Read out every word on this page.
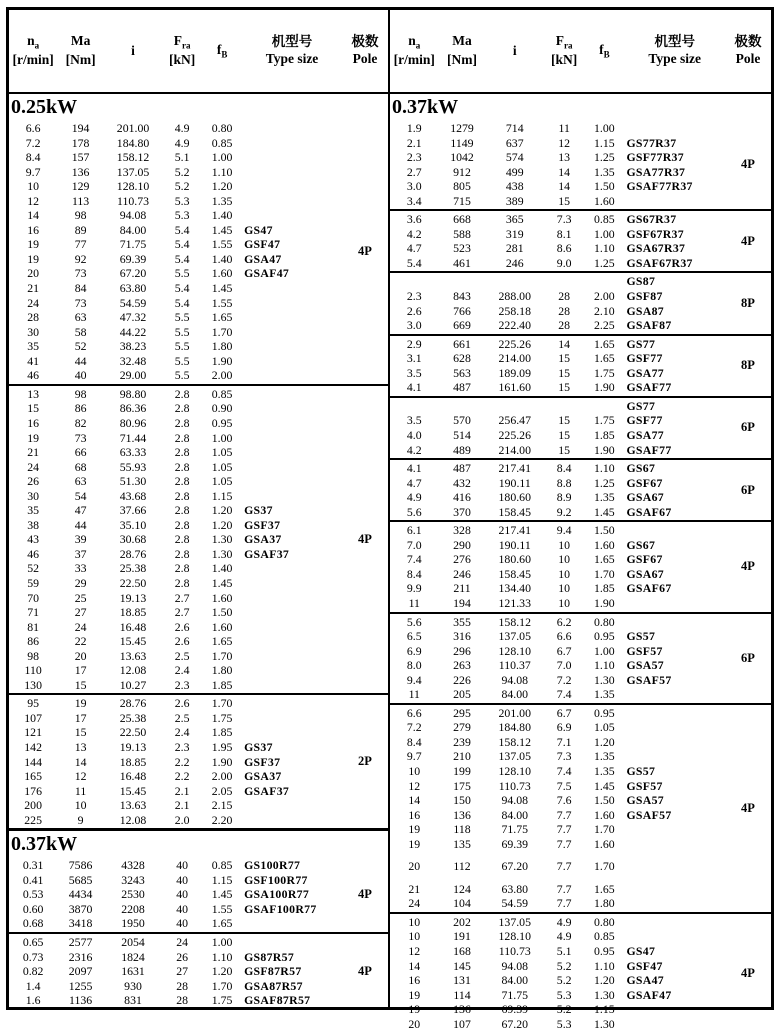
$n_a$
[r/min]
Ma
[Nm]
i
$F_{ra}$
[kN]
$f_B$
机型号
Type size
极数
Pole
0.25kW
6.6	194	201.00	4.9	0.80
7.2	178	184.80	4.9	0.85
8.4	157	158.12	5.1	1.00
9.7	136	137.05	5.2	1.10
10	129	128.10	5.2	1.20
12	113	110.73	5.3	1.35
14	98	94.08	5.3	1.40
16	89	84.00	5.4	1.45 GS47
19	77	71.75	5.4	1.55 GSF47
19	92	69.39	5.4	1.40 GSA47
20	73	67.20	5.5	1.60 GSAF47
21	84	63.80	5.4	1.45
24	73	54.59	5.4	1.55
28	63	47.32	5.5	1.65
30	58	44.22	5.5	1.70
35	52	38.23	5.5	1.80
41	44	32.48	5.5	1.90
46	40	29.00	5.5	2.00
4P
13	98	98.80	2.8	0.85
15	86	86.36	2.8	0.90
16	82	80.96	2.8	0.95
19	73	71.44	2.8	1.00
21	66	63.33	2.8	1.05
24	68	55.93	2.8	1.05
26	63	51.30	2.8	1.05
30	54	43.68	2.8	1.15
35	47	37.66	2.8	1.20 GS37
38	44	35.10	2.8	1.20 GSF37
43	39	30.68	2.8	1.30 GSA37
46	37	28.76	2.8	1.30 GSAF37
52	33	25.38	2.8	1.40
59	29	22.50	2.8	1.45
70	25	19.13	2.7	1.60
71	27	18.85	2.7	1.50
81	24	16.48	2.6	1.60
86	22	15.45	2.6	1.65
98	20	13.63	2.5	1.70
110	17	12.08	2.4	1.80
130	15	10.27	2.3	1.85
4P
95	19	28.76	2.6	1.70
107	17	25.38	2.5	1.75
121	15	22.50	2.4	1.85
142	13	19.13	2.3	1.95 GS37
144	14	18.85	2.2	1.90 GSF37
165	12	16.48	2.2	2.00 GSA37
176	11	15.45	2.1	2.05 GSAF37
200	10	13.63	2.1	2.15
225	9	12.08	2.0	2.20
2P
0.37kW
0.31	7586	4328	40	0.85 GS100R77
0.41	5685	3243	40	1.15 GSF100R77
0.53	4434	2530	40	1.45 GSA100R77
0.60	3870	2208	40	1.55 GSAF100R77
0.68	3418	1950	40	1.65
4P
0.65	2577	2054	24	1.00
0.73	2316	1824	26	1.10 GS87R57
0.82	2097	1631	27	1.20 GSF87R57
1.4	1255	930	28	1.70 GSA87R57
1.6	1136	831	28	1.75 GSAF87R57
4P
$n_a$
[r/min]
Ma
[Nm]
i
$F_{ra}$
[kN]
$f_B$
机型号
Type size
极数
Pole
0.37kW
1.9	1279	714	11	1.00
2.1	1149	637	12	1.15 GS77R37
2.3	1042	574	13	1.25 GSF77R37
2.7	912	499	14	1.35 GSA77R37
3.0	805	438	14	1.50 GSAF77R37
3.4	715	389	15	1.60
4P
3.6	668	365	7.3	0.85 GS67R37
4.2	588	319	8.1	1.00 GSF67R37
4.7	523	281	8.6	1.10 GSA67R37
5.4	461	246	9.0	1.25 GSAF67R37
4P
GS87
2.3	843	288.00	28	2.00 GSF87
2.6	766	258.18	28	2.10 GSA87
3.0	669	222.40	28	2.25 GSAF87
8P
2.9	661	225.26	14	1.65 GS77
3.1	628	214.00	15	1.65 GSF77
3.5	563	189.09	15	1.75 GSA77
4.1	487	161.60	15	1.90 GSAF77
8P
GS77
3.5	570	256.47	15	1.75 GSF77
4.0	514	225.26	15	1.85 GSA77
4.2	489	214.00	15	1.90 GSAF77
6P
4.1	487	217.41	8.4	1.10 GS67
4.7	432	190.11	8.8	1.25 GSF67
4.9	416	180.60	8.9	1.35 GSA67
5.6	370	158.45	9.2	1.45 GSAF67
6P
6.1	328	217.41	9.4	1.50
7.0	290	190.11	10	1.60 GS67
7.4	276	180.60	10	1.65 GSF67
8.4	246	158.45	10	1.70 GSA67
9.9	211	134.40	10	1.85 GSAF67
11	194	121.33	10	1.90
4P
5.6	355	158.12	6.2	0.80
6.5	316	137.05	6.6	0.95 GS57
6.9	296	128.10	6.7	1.00 GSF57
8.0	263	110.37	7.0	1.10 GSA57
9.4	226	94.08	7.2	1.30 GSAF57
11	205	84.00	7.4	1.35
6P
6.6	295	201.00	6.7	0.95
7.2	279	184.80	6.9	1.05
8.4	239	158.12	7.1	1.20
9.7	210	137.05	7.3	1.35
10	199	128.10	7.4	1.35 GS57
12	175	110.73	7.5	1.45 GSF57
14	150	94.08	7.6	1.50 GSA57
16	136	84.00	7.7	1.60 GSAF57
19	118	71.75	7.7	1.70
19	135	69.39	7.7	1.60
20	112	67.20	7.7	1.70
21	124	63.80	7.7	1.65
24	104	54.59	7.7	1.80
4P
10	202	137.05	4.9	0.80
10	191	128.10	4.9	0.85
12	168	110.73	5.1	0.95 GS47
14	145	94.08	5.2	1.10 GSF47
16	131	84.00	5.2	1.20 GSA47
19	114	71.75	5.3	1.30 GSAF47
19	136	69.39	5.2	1.15
20	107	67.20	5.3	1.30
4P
